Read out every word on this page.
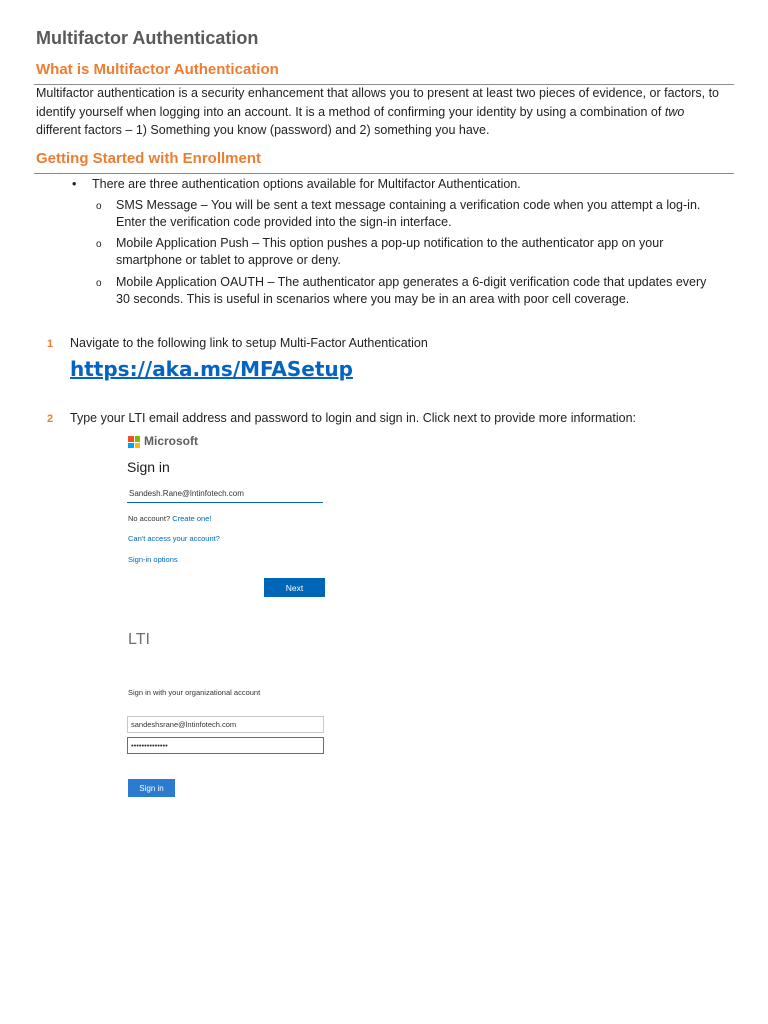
Multifactor Authentication
What is Multifactor Authentication
Multifactor authentication is a security enhancement that allows you to present at least two pieces of evidence, or factors, to
identify yourself when logging into an account. It is a method of confirming your identity by using a combination of two
different factors – 1) Something you know (password) and 2) something you have.
Getting Started with Enrollment
• There are three authentication options available for Multifactor Authentication.
o SMS Message – You will be sent a text message containing a verification code when you attempt a log-in.
Enter the verification code provided into the sign-in interface.
o Mobile Application Push – This option pushes a pop-up notification to the authenticator app on your
smartphone or tablet to approve or deny.
o Mobile Application OAUTH – The authenticator app generates a 6-digit verification code that updates every
30 seconds. This is useful in scenarios where you may be in an area with poor cell coverage.
1 Navigate to the following link to setup Multi-Factor Authentication
https://aka.ms/MFASetup
2 Type your LTI email address and password to login and sign in. Click next to provide more information:
Microsoft
Sign in
Sandesh.Rane@lntinfotech.com
No account? Create one!
Can't access your account?
Sign-in options
Next
LTI
Sign in with your organizational account
sandeshsrane@lntinfotech.com
••••••••••••••
Sign in
